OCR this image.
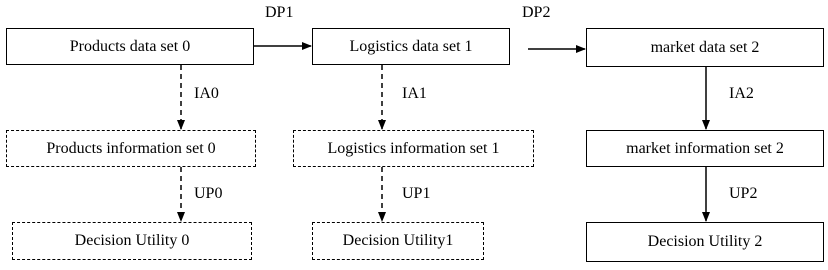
Products data set 0	Logistics data set 1	market data set 2
Products information set 0	Logistics information set 1	market information set 2
Decision Utility 0	Decision Utility1	Decision Utility 2
DP1	DP2
IA0	IA1	IA2
UP0	UP1	UP2
